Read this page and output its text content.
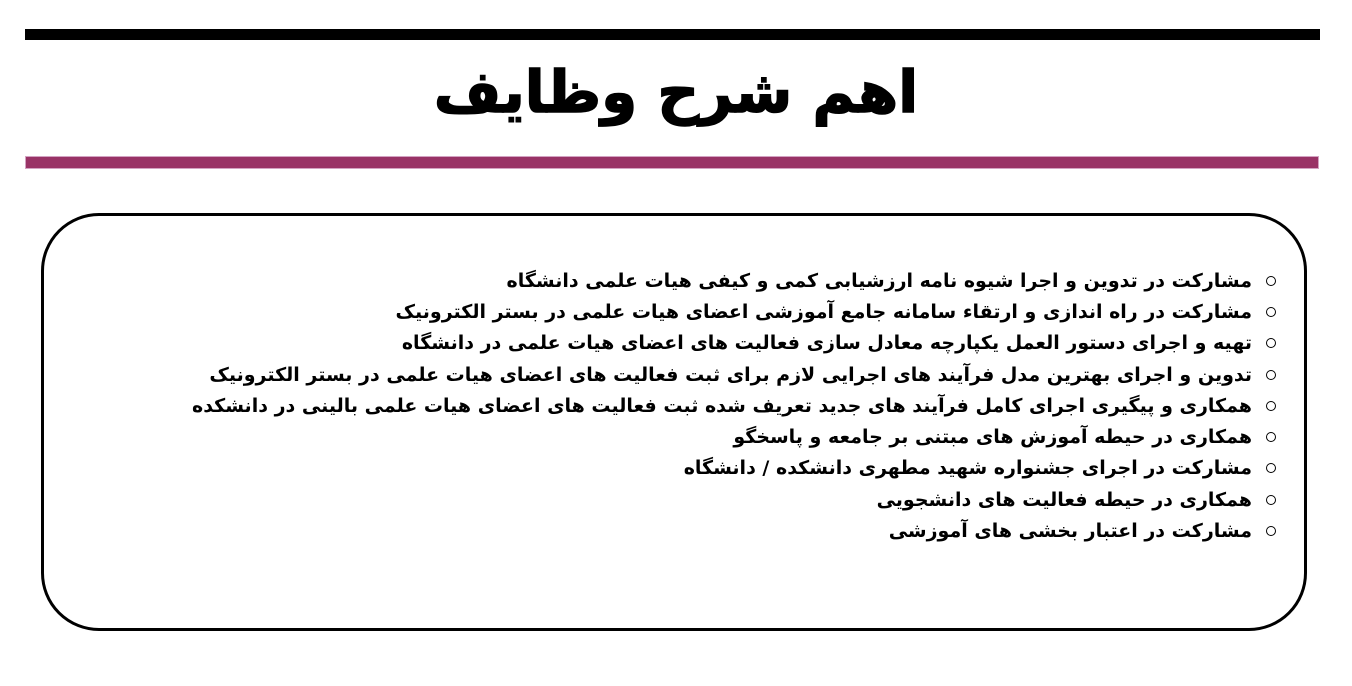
اهم شرح وظایف
مشارکت در تدوین و اجرا شیوه نامه ارزشیابی کمی و کیفی هیات علمی دانشگاه
مشارکت در راه اندازی و ارتقاء سامانه جامع آموزشی اعضای هیات علمی در بستر الکترونیک
تهیه و اجرای دستور العمل یکپارچه معادل سازی فعالیت های اعضای هیات علمی در دانشگاه
تدوین و اجرای بهترین مدل فرآیند های اجرایی لازم برای ثبت فعالیت های اعضای هیات علمی در بستر الکترونیک
همکاری و پیگیری اجرای کامل فرآیند های جدید تعریف شده ثبت فعالیت های اعضای هیات علمی بالینی در دانشکده
همکاری در حیطه آموزش های مبتنی بر جامعه و پاسخگو
مشارکت در اجرای جشنواره شهید مطهری دانشکده / دانشگاه
همکاری در حیطه فعالیت های دانشجویی
مشارکت در اعتبار بخشی های آموزشی
